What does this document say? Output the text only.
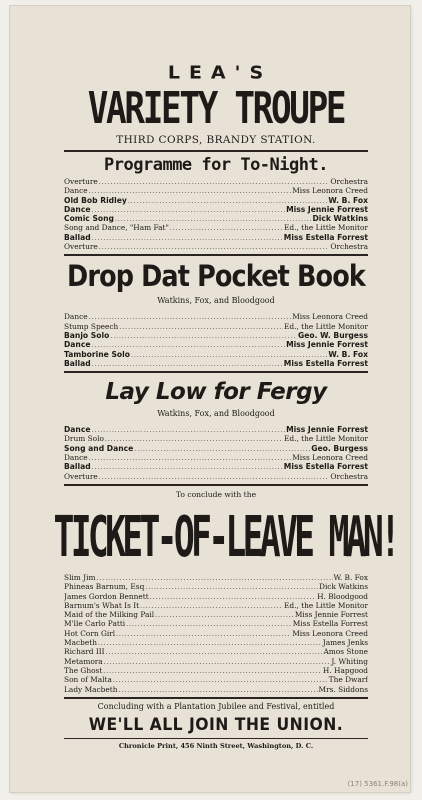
LEA'S
VARIETY TROUPE
THIRD CORPS, BRANDY STATION.
Programme for To-Night.
Overture .....	Orchestra
Dance .....	Miss Leonora Creed
Old Bob Ridley .....	W. B. Fox
Dance .....	Miss Jennie Forrest
Comic Song .....	Dick Watkins
Song and Dance, "Ham Fat" .....	Ed., the Little Monitor
Ballad .....	Miss Estella Forrest
Overture .....	Orchestra
Drop Dat Pocket Book
Watkins, Fox, and Bloodgood
Dance .....	Miss Leonora Creed
Stump Speech .....	Ed., the Little Monitor
Banjo Solo .....	Geo. W. Burgess
Dance .....	Miss Jennie Forrest
Tamborine Solo .....	W. B. Fox
Ballad .....	Miss Estella Forrest
Lay Low for Fergy
Watkins, Fox, and Bloodgood
Dance .....	Miss Jennie Forrest
Drum Solo .....	Ed., the Little Monitor
Song and Dance .....	Geo. Burgess
Dance .....	Miss Leonora Creed
Ballad .....	Miss Estella Forrest
Overture .....	Orchestra
To conclude with the
TICKET-OF-LEAVE MAN!
Slim Jim .....	W. B. Fox
Phineas Barnum, Esq .....	Dick Watkins
James Gordon Bennett .....	H. Bloodgood
Barnum's What Is It .....	Ed., the Little Monitor
Maid of the Milking Pail .....	Miss Jennie Forrest
M'lle Carlo Patti .....	Miss Estella Forrest
Hot Corn Girl .....	Miss Leonora Creed
Macbeth .....	James Jenks
Richard III .....	Amos Stone
Metamora .....	J. Whiting
The Ghost .....	H. Hapgood
Son of Malta .....	The Dwarf
Lady Macbeth .....	Mrs. Siddons
Concluding with a Plantation Jubilee and Festival, entitled
WE'LL ALL JOIN THE UNION.
Chronicle Print, 456 Ninth Street, Washington, D. C.
(17) 5361.F.98(a)
